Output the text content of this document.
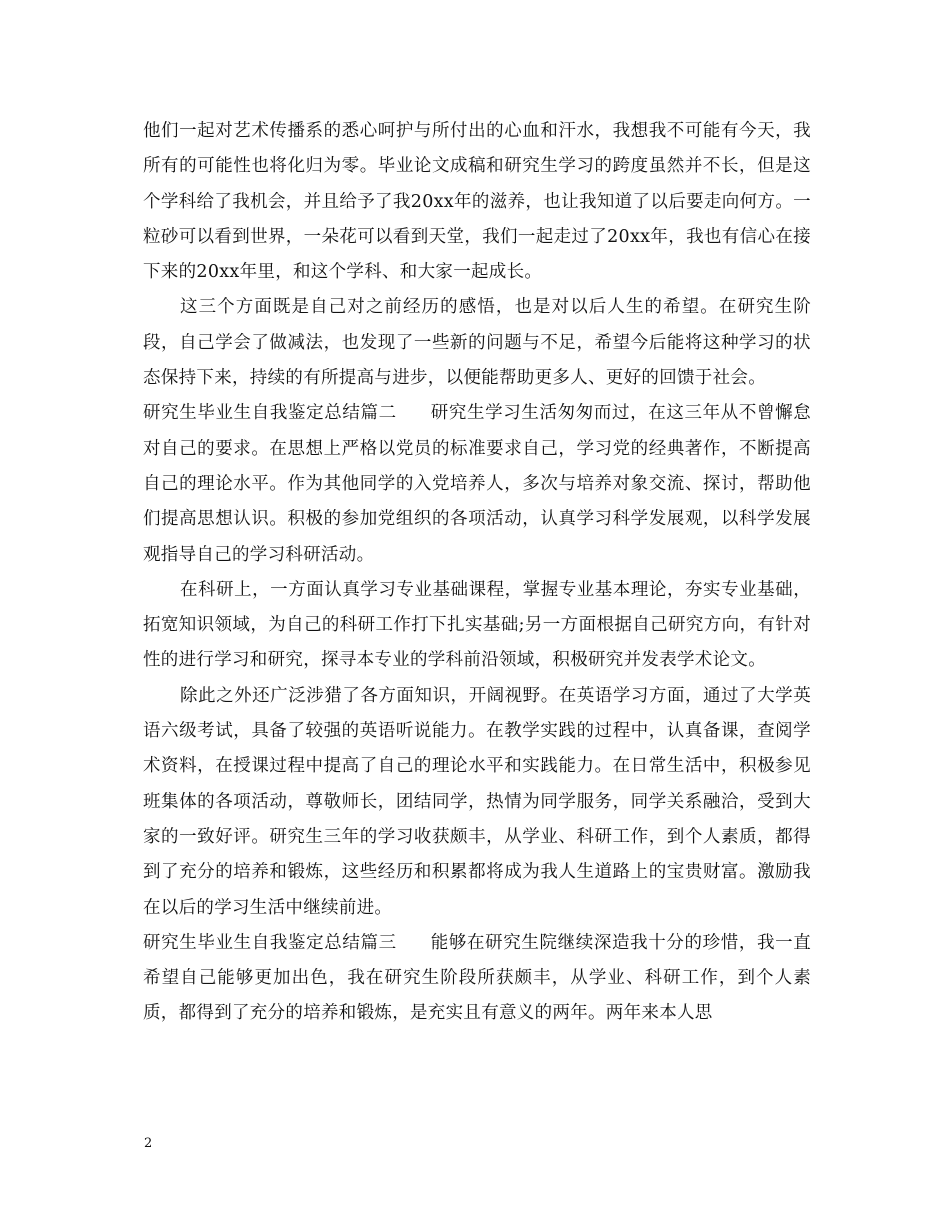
他们一起对艺术传播系的悉心呵护与所付出的心血和汗水，我想我不可能有今天，我所有的可能性也将化归为零。毕业论文成稿和研究生学习的跨度虽然并不长，但是这个学科给了我机会，并且给予了我20xx年的滋养，也让我知道了以后要走向何方。一粒砂可以看到世界，一朵花可以看到天堂，我们一起走过了20xx年，我也有信心在接下来的20xx年里，和这个学科、和大家一起成长。

这三个方面既是自己对之前经历的感悟，也是对以后人生的希望。在研究生阶段，自己学会了做减法，也发现了一些新的问题与不足，希望今后能将这种学习的状态保持下来，持续的有所提高与进步，以便能帮助更多人、更好的回馈于社会。

研究生毕业生自我鉴定总结篇二 研究生学习生活匆匆而过，在这三年从不曾懈怠对自己的要求。在思想上严格以党员的标准要求自己，学习党的经典著作，不断提高自己的理论水平。作为其他同学的入党培养人，多次与培养对象交流、探讨，帮助他们提高思想认识。积极的参加党组织的各项活动，认真学习科学发展观，以科学发展观指导自己的学习科研活动。

在科研上，一方面认真学习专业基础课程，掌握专业基本理论，夯实专业基础，拓宽知识领域，为自己的科研工作打下扎实基础;另一方面根据自己研究方向，有针对性的进行学习和研究，探寻本专业的学科前沿领域，积极研究并发表学术论文。

除此之外还广泛涉猎了各方面知识，开阔视野。在英语学习方面，通过了大学英语六级考试，具备了较强的英语听说能力。在教学实践的过程中，认真备课，查阅学术资料，在授课过程中提高了自己的理论水平和实践能力。在日常生活中，积极参见班集体的各项活动，尊敬师长，团结同学，热情为同学服务，同学关系融洽，受到大家的一致好评。研究生三年的学习收获颇丰，从学业、科研工作，到个人素质，都得到了充分的培养和锻炼，这些经历和积累都将成为我人生道路上的宝贵财富。激励我在以后的学习生活中继续前进。

研究生毕业生自我鉴定总结篇三 能够在研究生院继续深造我十分的珍惜，我一直希望自己能够更加出色，我在研究生阶段所获颇丰，从学业、科研工作，到个人素质，都得到了充分的培养和锻炼，是充实且有意义的两年。两年来本人思

2
